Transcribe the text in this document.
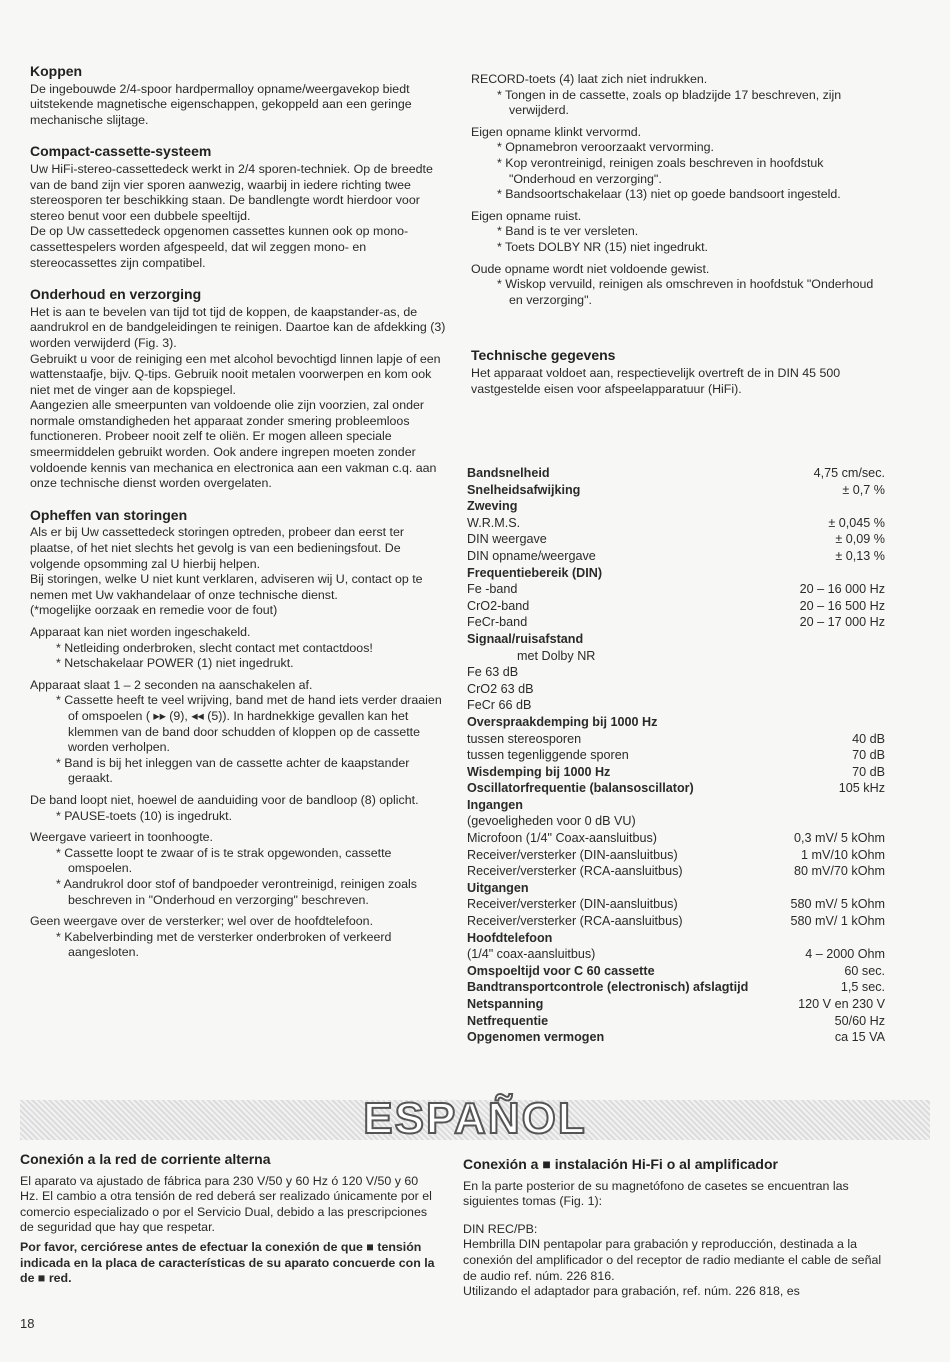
Koppen

De ingebouwde 2/4-spoor hardpermalloy opname/weergavekop biedt uitstekende magnetische eigenschappen, gekoppeld aan een geringe mechanische slijtage.

Compact-cassette-systeem

Uw HiFi-stereo-cassettedeck werkt in 2/4 sporen-techniek. Op de breedte van de band zijn vier sporen aanwezig, waarbij in iedere richting twee stereosporen ter beschikking staan. De bandlengte wordt hierdoor voor stereo benut voor een dubbele speeltijd.

De op Uw cassettedeck opgenomen cassettes kunnen ook op mono-cassettespelers worden afgespeeld, dat wil zeggen mono- en stereocassettes zijn compatibel.

Onderhoud en verzorging

Het is aan te bevelen van tijd tot tijd de koppen, de kaapstander-as, de aandrukrol en de bandgeleidingen te reinigen. Daartoe kan de afdekking (3) worden verwijderd (Fig. 3).

Gebruikt u voor de reiniging een met alcohol bevochtigd linnen lapje of een wattenstaafje, bijv. Q-tips. Gebruik nooit metalen voorwerpen en kom ook niet met de vinger aan de kopspiegel.

Aangezien alle smeerpunten van voldoende olie zijn voorzien, zal onder normale omstandigheden het apparaat zonder smering probleemloos functioneren. Probeer nooit zelf te oliën. Er mogen alleen speciale smeermiddelen gebruikt worden. Ook andere ingrepen moeten zonder voldoende kennis van mechanica en electronica aan een vakman c.q. aan onze technische dienst worden overgelaten.

Opheffen van storingen

Als er bij Uw cassettedeck storingen optreden, probeer dan eerst ter plaatse, of het niet slechts het gevolg is van een bedieningsfout. De volgende opsomming zal U hierbij helpen.

Bij storingen, welke U niet kunt verklaren, adviseren wij U, contact op te nemen met Uw vakhandelaar of onze technische dienst.

(*mogelijke oorzaak en remedie voor de fout)

Apparaat kan niet worden ingeschakeld.

* Netleiding onderbroken, slecht contact met contactdoos!

* Netschakelaar POWER (1) niet ingedrukt.

Apparaat slaat 1 – 2 seconden na aanschakelen af.

* Cassette heeft te veel wrijving, band met de hand iets verder draaien of omspoelen ( ▸▸ (9), ◂◂ (5)). In hardnekkige gevallen kan het klemmen van de band door schudden of kloppen op de cassette worden verholpen.

* Band is bij het inleggen van de cassette achter de kaapstander geraakt.

De band loopt niet, hoewel de aanduiding voor de bandloop (8) oplicht.

* PAUSE-toets (10) is ingedrukt.

Weergave varieert in toonhoogte.

* Cassette loopt te zwaar of is te strak opgewonden, cassette omspoelen.

* Aandrukrol door stof of bandpoeder verontreinigd, reinigen zoals beschreven in "Onderhoud en verzorging" beschreven.

Geen weergave over de versterker; wel over de hoofdtelefoon.

* Kabelverbinding met de versterker onderbroken of verkeerd aangesloten.

RECORD-toets (4) laat zich niet indrukken.

* Tongen in de cassette, zoals op bladzijde 17 beschreven, zijn verwijderd.

Eigen opname klinkt vervormd.

* Opnamebron veroorzaakt vervorming.

* Kop verontreinigd, reinigen zoals beschreven in hoofdstuk "Onderhoud en verzorging".

* Bandsoortschakelaar (13) niet op goede bandsoort ingesteld.

Eigen opname ruist.

* Band is te ver versleten.

* Toets DOLBY NR (15) niet ingedrukt.

Oude opname wordt niet voldoende gewist.

* Wiskop vervuild, reinigen als omschreven in hoofdstuk "Onderhoud en verzorging".

Technische gegevens

Het apparaat voldoet aan, respectievelijk overtreft de in DIN 45 500 vastgestelde eisen voor afspeelapparatuur (HiFi).

Bandsnelheid	4,75 cm/sec.
Snelheidsafwijking	± 0,7 %
Zweving
W.R.M.S.	± 0,045 %
DIN weergave	± 0,09 %
DIN opname/weergave	± 0,13 %
Frequentiebereik (DIN)
Fe -band	20 – 16 000 Hz
CrO2-band	20 – 16 500 Hz
FeCr-band	20 – 17 000 Hz
Signaal/ruisafstand
met Dolby NR
Fe 63 dB
CrO2 63 dB
FeCr 66 dB
Overspraakdemping bij 1000 Hz
tussen stereosporen	40 dB
tussen tegenliggende sporen	70 dB
Wisdemping bij 1000 Hz	70 dB
Oscillatorfrequentie (balansoscillator)	105 kHz
Ingangen
(gevoeligheden voor 0 dB VU)
Microfoon (1/4" Coax-aansluitbus)	0,3 mV/ 5 kOhm
Receiver/versterker (DIN-aansluitbus)	1 mV/10 kOhm
Receiver/versterker (RCA-aansluitbus)	80 mV/70 kOhm
Uitgangen
Receiver/versterker (DIN-aansluitbus)	580 mV/ 5 kOhm
Receiver/versterker (RCA-aansluitbus)	580 mV/ 1 kOhm
Hoofdtelefoon
(1/4" coax-aansluitbus)	4 – 2000 Ohm
Omspoeltijd voor C 60 cassette	60 sec.
Bandtransportcontrole (electronisch) afslagtijd	1,5 sec.
Netspanning	120 V en 230 V
Netfrequentie	50/60 Hz
Opgenomen vermogen	ca 15 VA
ESPAÑOL
Conexión a la red de corriente alterna

El aparato va ajustado de fábrica para 230 V/50 y 60 Hz ó 120 V/50 y 60 Hz. El cambio a otra tensión de red deberá ser realizado únicamente por el comercio especializado o por el Servicio Dual, debido a las prescripciones de seguridad que hay que respetar.

Por favor, cerciórese antes de efectuar la conexión de que ■ tensión indicada en la placa de características de su aparato concuerde con la de ■ red.

Conexión a ■ instalación Hi-Fi o al amplificador

En la parte posterior de su magnetófono de casetes se encuentran las siguientes tomas (Fig. 1):

DIN REC/PB:

Hembrilla DIN pentapolar para grabación y reproducción, destinada a la conexión del amplificador o del receptor de radio mediante el cable de señal de audio ref. núm. 226 816.

Utilizando el adaptador para grabación, ref. núm. 226 818, es

18
